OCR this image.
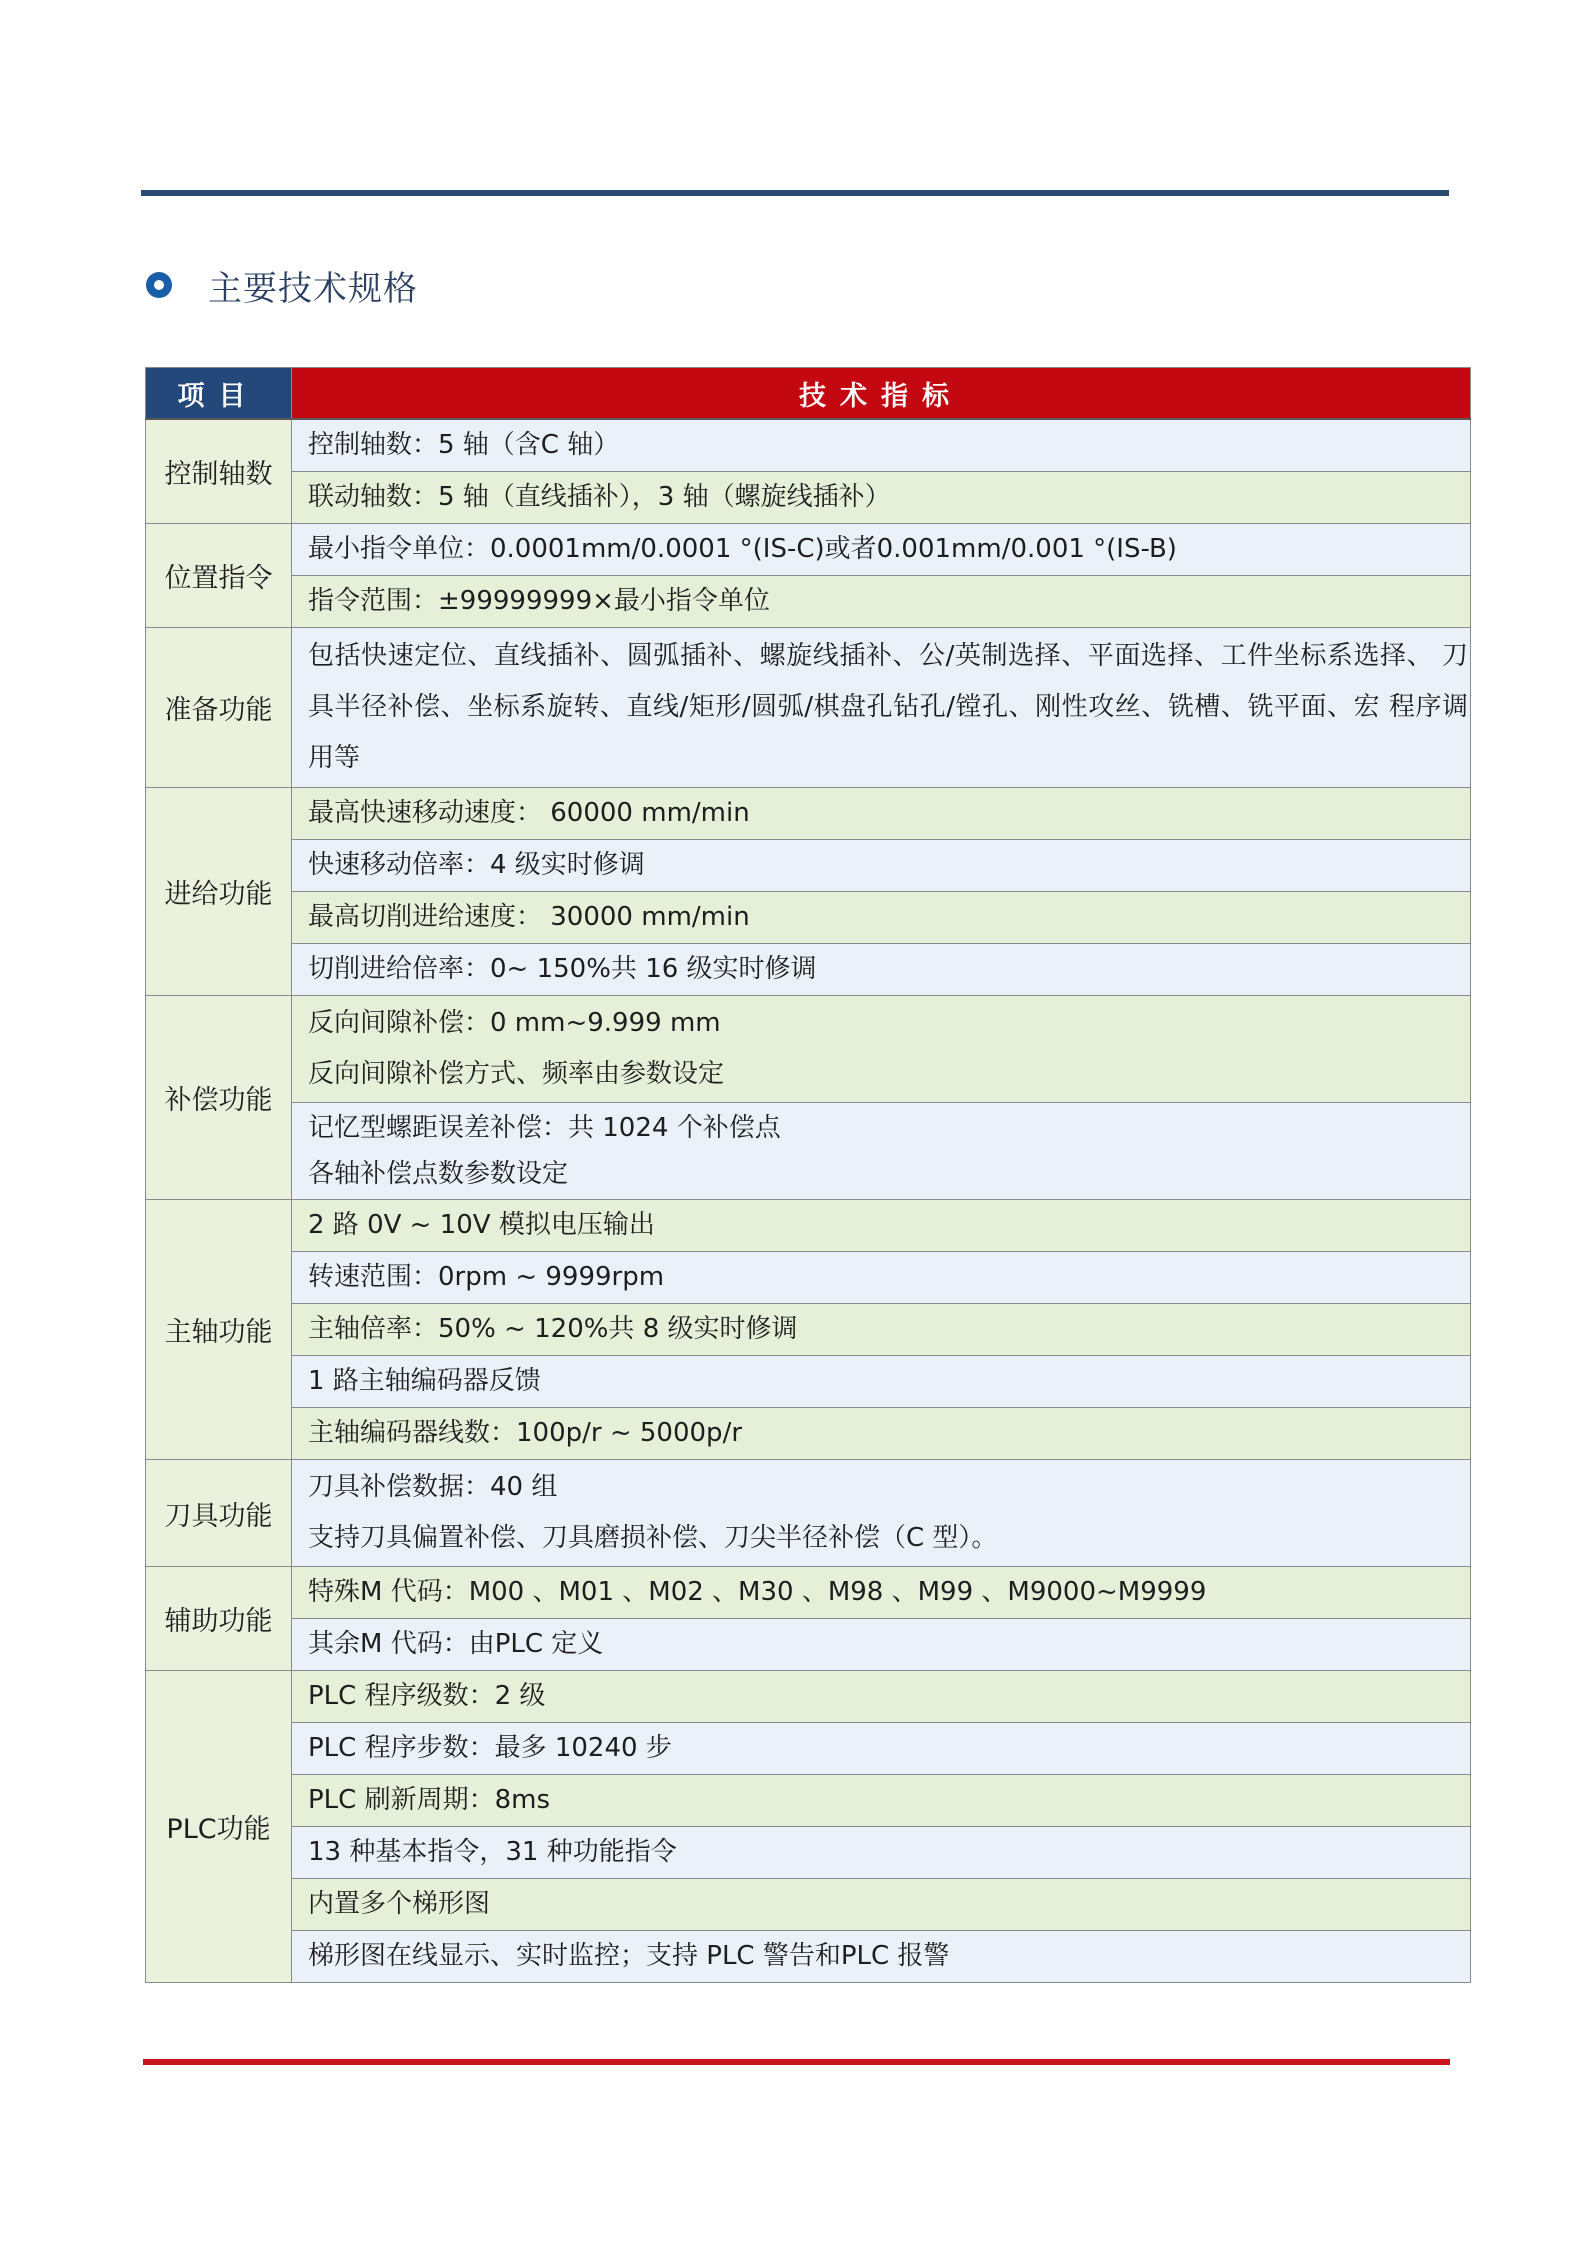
主要技术规格
项目	技术指标
控制轴数	控制轴数：5 轴（含C 轴）
	联动轴数：5 轴（直线插补），3 轴（螺旋线插补）
位置指令	最小指令单位：0.0001mm/0.0001 °(IS-C)或者0.001mm/0.001 °(IS-B)
	指令范围：±99999999×最小指令单位
准备功能	包括快速定位、直线插补、圆弧插补、螺旋线插补、公/英制选择、平面选择、工件坐标系选择、 刀具半径补偿、坐标系旋转、直线/矩形/圆弧/棋盘孔钻孔/镗孔、刚性攻丝、铣槽、铣平面、宏 程序调用等
进给功能	最高快速移动速度： 60000 mm/min
	快速移动倍率：4 级实时修调
	最高切削进给速度： 30000 mm/min
	切削进给倍率：0~ 150%共 16 级实时修调
补偿功能	反向间隙补偿：0 mm~9.999 mm
反向间隙补偿方式、频率由参数设定

	记忆型螺距误差补偿：共 1024 个补偿点
各轴补偿点数参数设定

主轴功能	2 路 0V ~ 10V 模拟电压输出
	转速范围：0rpm ~ 9999rpm
	主轴倍率：50% ~ 120%共 8 级实时修调
	1 路主轴编码器反馈
	主轴编码器线数：100p/r ~ 5000p/r
刀具功能	刀具补偿数据：40 组
支持刀具偏置补偿、刀具磨损补偿、刀尖半径补偿（C 型）。

辅助功能	特殊M 代码：M00 、M01 、M02 、M30 、M98 、M99 、M9000~M9999
	其余M 代码：由PLC 定义
PLC功能	PLC 程序级数：2 级
	PLC 程序步数：最多 10240 步
	PLC 刷新周期：8ms
	13 种基本指令，31 种功能指令
	内置多个梯形图
	梯形图在线显示、实时监控；支持 PLC 警告和PLC 报警
